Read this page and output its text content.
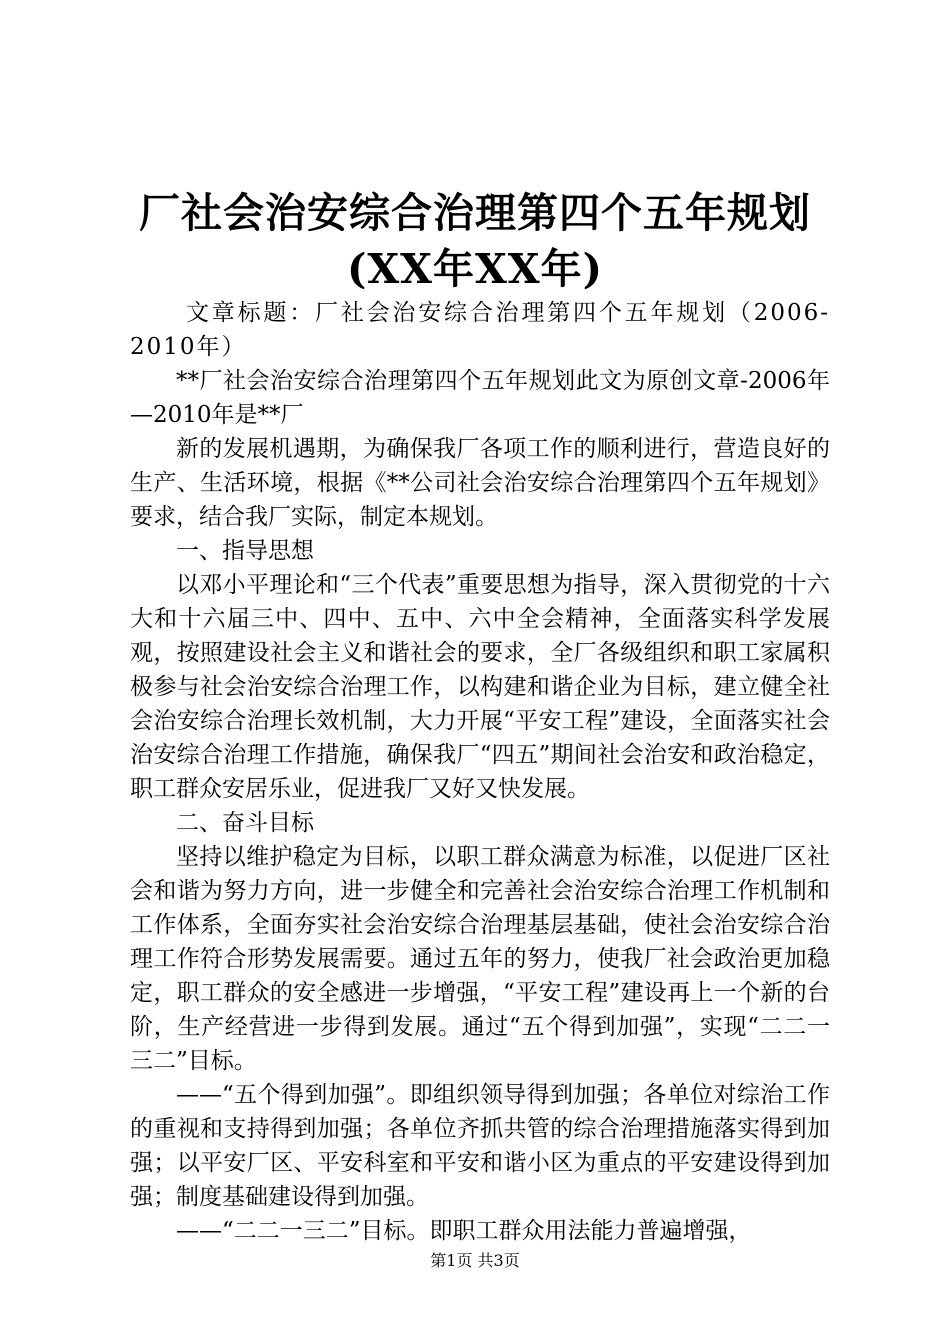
厂社会治安综合治理第四个五年规划(XX年XX年)

文章标题：厂社会治安综合治理第四个五年规划（2006-2010年）

**厂社会治安综合治理第四个五年规划此文为原创文章-2006年—2010年是**厂

新的发展机遇期，为确保我厂各项工作的顺利进行，营造良好的生产、生活环境，根据《**公司社会治安综合治理第四个五年规划》要求，结合我厂实际，制定本规划。

一、指导思想

以邓小平理论和“三个代表”重要思想为指导，深入贯彻党的十六大和十六届三中、四中、五中、六中全会精神，全面落实科学发展观，按照建设社会主义和谐社会的要求，全厂各级组织和职工家属积极参与社会治安综合治理工作，以构建和谐企业为目标，建立健全社会治安综合治理长效机制，大力开展“平安工程”建设，全面落实社会治安综合治理工作措施，确保我厂“四五”期间社会治安和政治稳定，职工群众安居乐业，促进我厂又好又快发展。

二、奋斗目标

坚持以维护稳定为目标，以职工群众满意为标准，以促进厂区社会和谐为努力方向，进一步健全和完善社会治安综合治理工作机制和工作体系，全面夯实社会治安综合治理基层基础，使社会治安综合治理工作符合形势发展需要。通过五年的努力，使我厂社会政治更加稳定，职工群众的安全感进一步增强，“平安工程”建设再上一个新的台阶，生产经营进一步得到发展。通过“五个得到加强”，实现“二二一三二”目标。

——“五个得到加强”。即组织领导得到加强；各单位对综治工作的重视和支持得到加强；各单位齐抓共管的综合治理措施落实得到加强；以平安厂区、平安科室和平安和谐小区为重点的平安建设得到加强；制度基础建设得到加强。

——“二二一三二”目标。即职工群众用法能力普遍增强，

第1页 共3页
